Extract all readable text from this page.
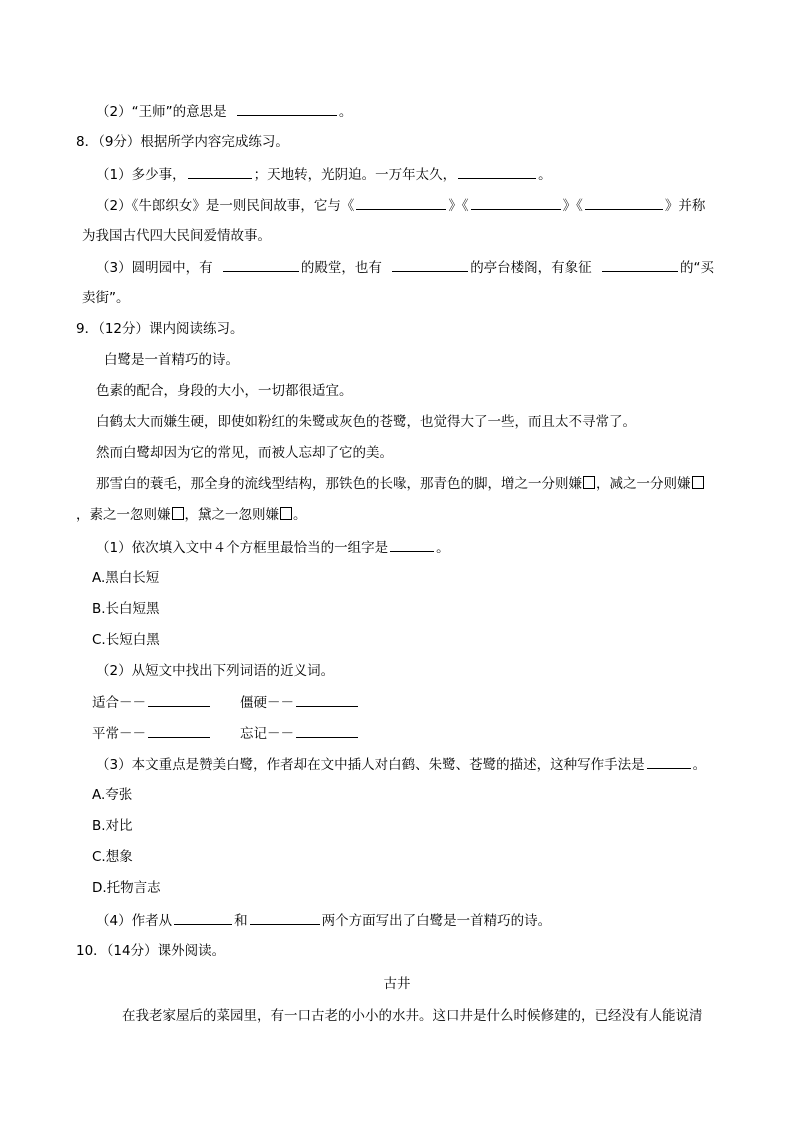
（2）“王师”的意思是	。
8．（9分）根据所学内容完成练习。
（1）多少事，	；天地转，光阴迫。一万年太久，	。
（2）《牛郎织女》是一则民间故事，它与《	》《	》《	》并称
为我国古代四大民间爱情故事。
（3）圆明园中，有	的殿堂，也有	的亭台楼阁，有象征	的“买
卖街”。
9．（12分）课内阅读练习。
白鹭是一首精巧的诗。
色素的配合，身段的大小，一切都很适宜。
白鹤太大而嫌生硬，即使如粉红的朱鹭或灰色的苍鹭，也觉得大了一些，而且太不寻常了。
然而白鹭却因为它的常见，而被人忘却了它的美。
那雪白的蓑毛，那全身的流线型结构，那铁色的长喙，那青色的脚，增之一分则嫌 ，减之一分则嫌
，素之一忽则嫌 ，黛之一忽则嫌 。
（1）依次填入文中４个方框里最恰当的一组字是	。
A.黑白长短
B.长白短黑
C.长短白黑
（2）从短文中找出下列词语的近义词。
适合－－	僵硬－－
平常－－	忘记－－
（3）本文重点是赞美白鹭，作者却在文中插人对白鹤、朱鹭、苍鹭的描述，这种写作手法是	。
A.夸张
B.对比
C.想象
D.托物言志
（4）作者从	和	两个方面写出了白鹭是一首精巧的诗。
10．（14分）课外阅读。
古井
在我老家屋后的菜园里，有一口古老的小小的水井。这口井是什么时候修建的，已经没有人能说清
